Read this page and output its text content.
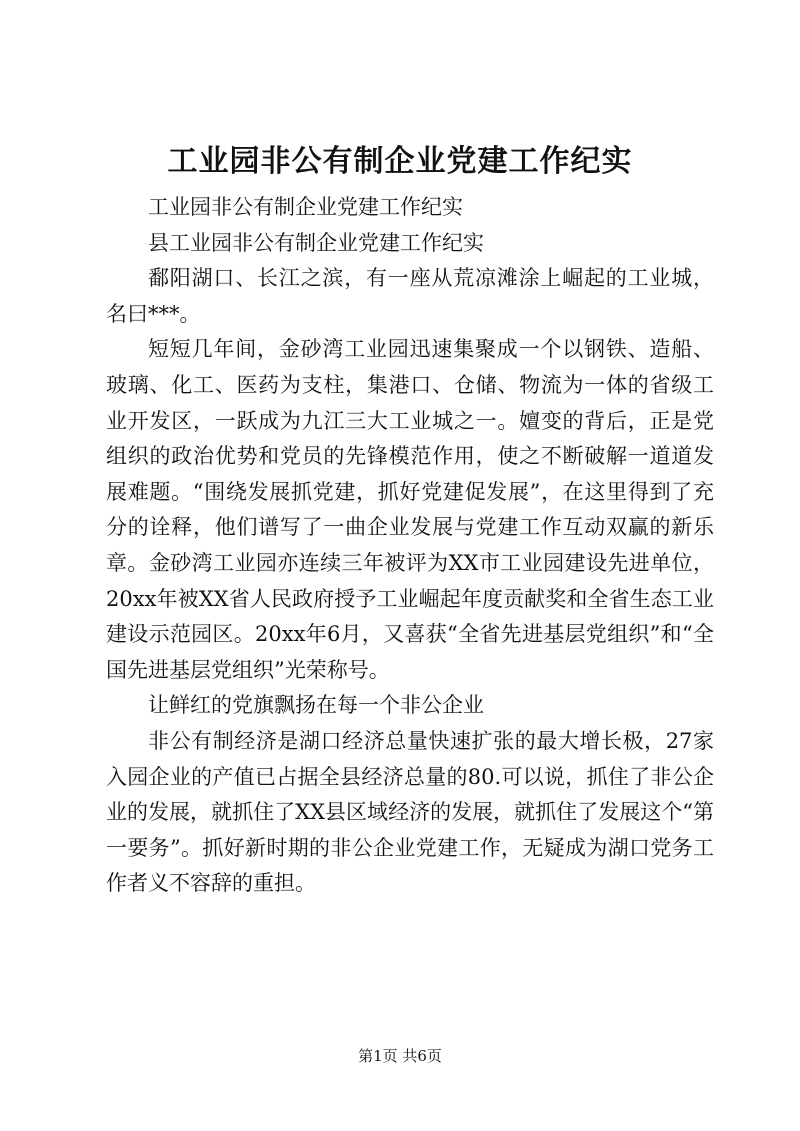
工业园非公有制企业党建工作纪实

工业园非公有制企业党建工作纪实

县工业园非公有制企业党建工作纪实

鄱阳湖口、长江之滨，有一座从荒凉滩涂上崛起的工业城，名曰***。

短短几年间，金砂湾工业园迅速集聚成一个以钢铁、造船、玻璃、化工、医药为支柱，集港口、仓储、物流为一体的省级工业开发区，一跃成为九江三大工业城之一。嬗变的背后，正是党组织的政治优势和党员的先锋模范作用，使之不断破解一道道发展难题。“围绕发展抓党建，抓好党建促发展”，在这里得到了充分的诠释，他们谱写了一曲企业发展与党建工作互动双赢的新乐章。金砂湾工业园亦连续三年被评为XX市工业园建设先进单位，20xx年被XX省人民政府授予工业崛起年度贡献奖和全省生态工业建设示范园区。20xx年6月，又喜获“全省先进基层党组织”和“全国先进基层党组织”光荣称号。

让鲜红的党旗飘扬在每一个非公企业

非公有制经济是湖口经济总量快速扩张的最大增长极，27家入园企业的产值已占据全县经济总量的80.可以说，抓住了非公企业的发展，就抓住了XX县区域经济的发展，就抓住了发展这个“第一要务”。抓好新时期的非公企业党建工作，无疑成为湖口党务工作者义不容辞的重担。

第1页 共6页
